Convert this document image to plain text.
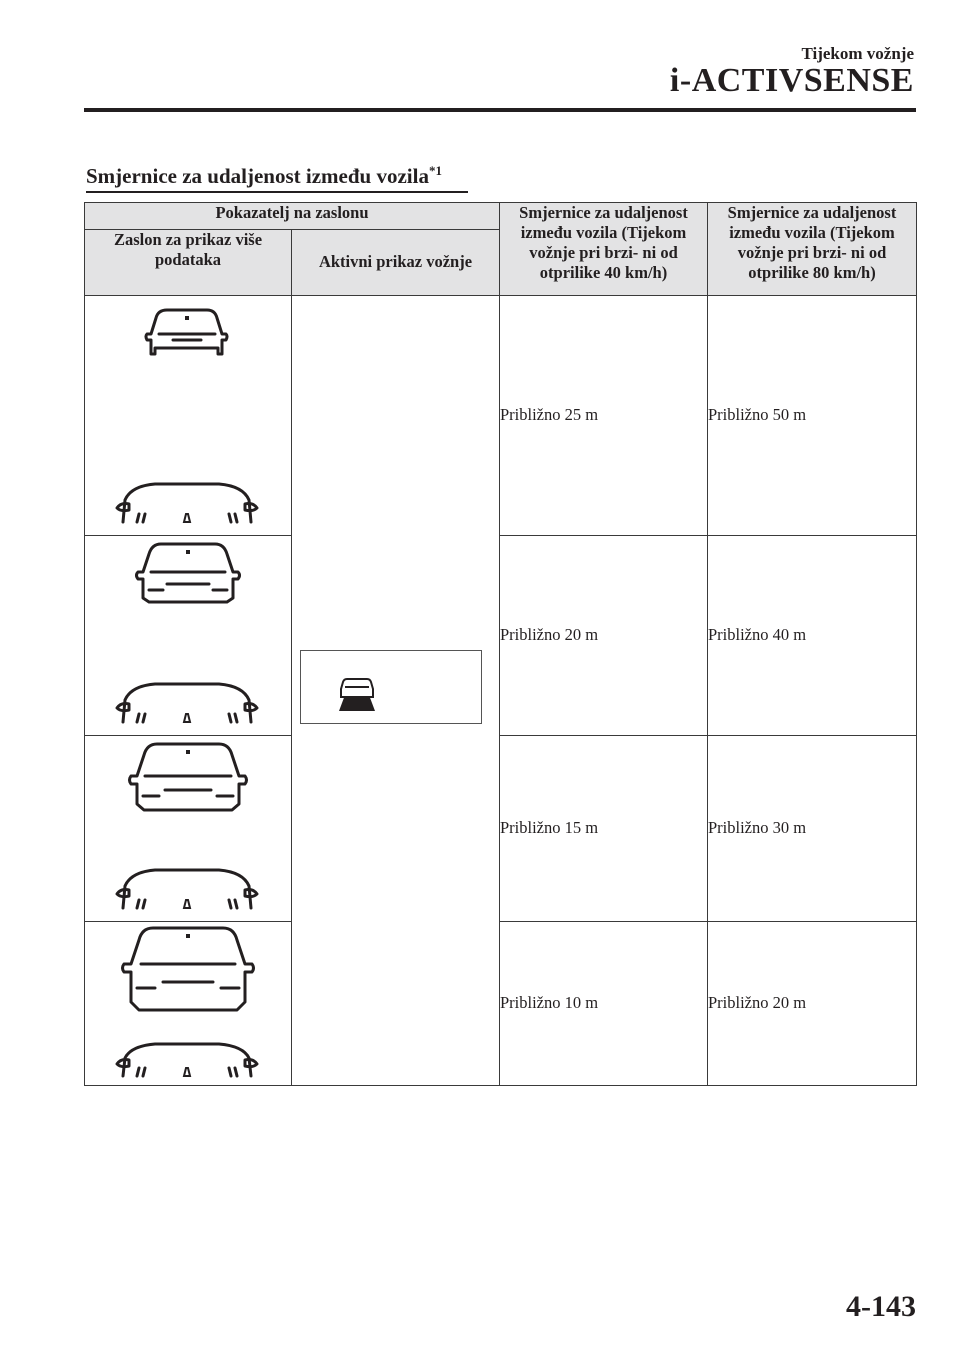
Tijekom vožnje
i-ACTIVSENSE
Smjernice za udaljenost između vozila$^{*1}$
Pokazatelj na zaslonu		Smjernice za udaljenost između vozila (Tijekom vožnje pri brzi- ni od otprilike 40 km/h)	Smjernice za udaljenost između vozila (Tijekom vožnje pri brzi- ni od otprilike 80 km/h)
Zaslon za prikaz više podataka	Aktivni prikaz vožnje		

	Približno 25 m	Približno 50 m

	Približno 20 m	Približno 40 m

	Približno 15 m	Približno 30 m

	Približno 10 m	Približno 20 m
4-143
